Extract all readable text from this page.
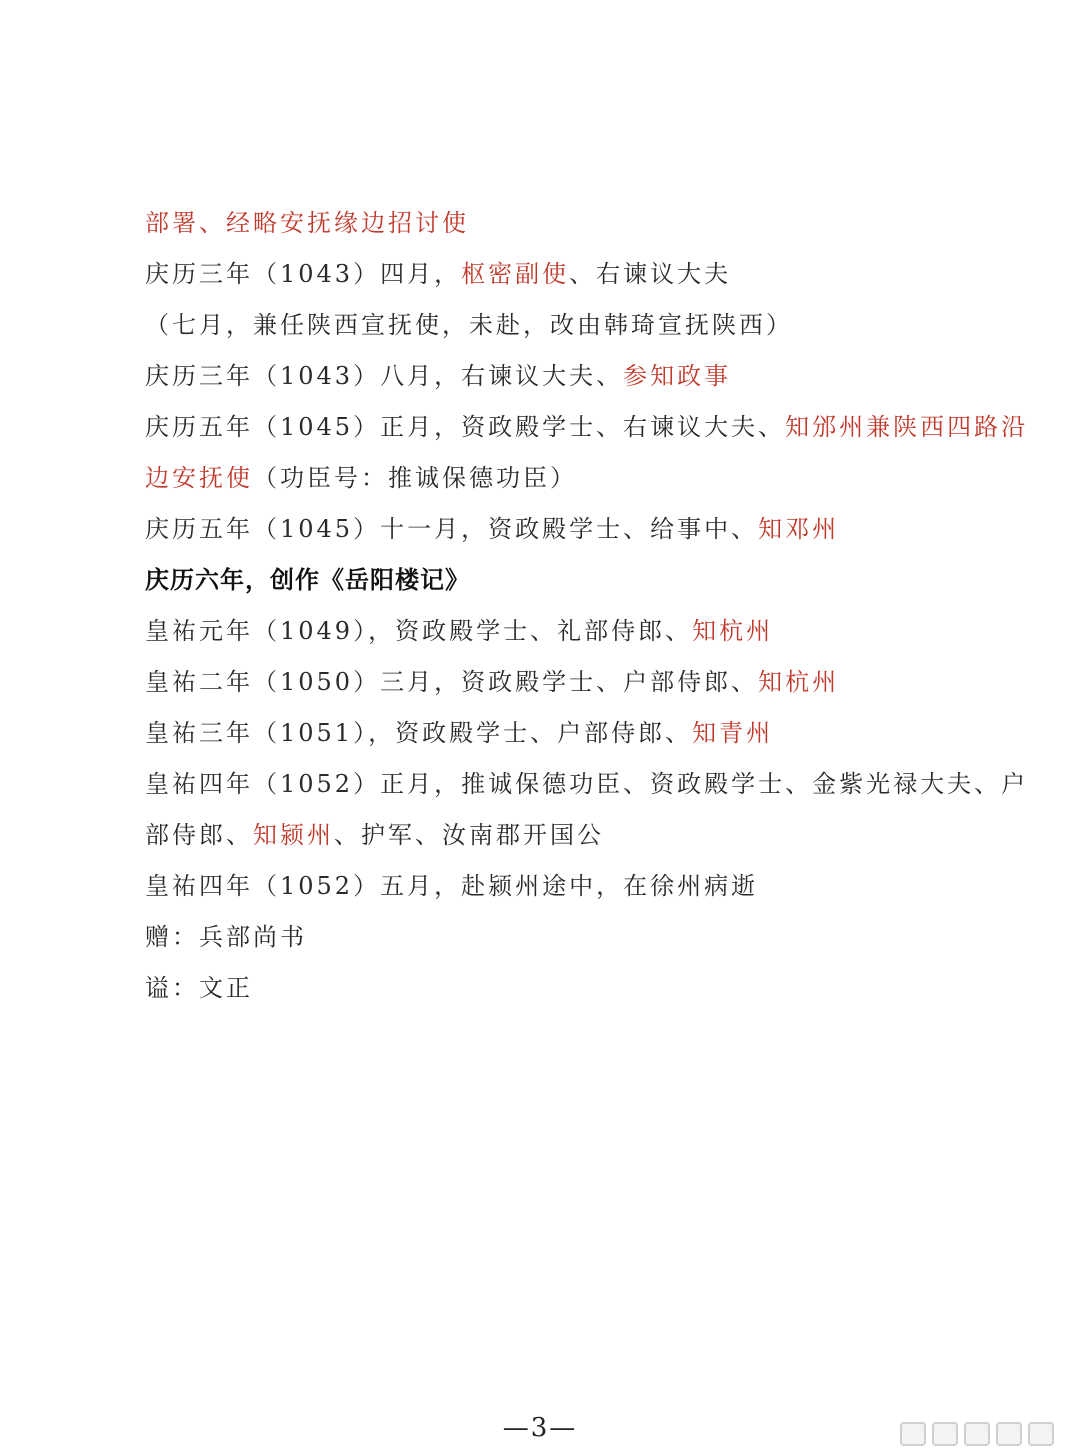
部署、经略安抚缘边招讨使
庆历三年（1043）四月，枢密副使、右谏议大夫
（七月，兼任陕西宣抚使，未赴，改由韩琦宣抚陕西）
庆历三年（1043）八月，右谏议大夫、参知政事
庆历五年（1045）正月，资政殿学士、右谏议大夫、知邠州兼陕西四路沿
边安抚使（功臣号：推诚保德功臣）
庆历五年（1045）十一月，资政殿学士、给事中、知邓州
庆历六年，创作《岳阳楼记》
皇祐元年（1049），资政殿学士、礼部侍郎、知杭州
皇祐二年（1050）三月，资政殿学士、户部侍郎、知杭州
皇祐三年（1051），资政殿学士、户部侍郎、知青州
皇祐四年（1052）正月，推诚保德功臣、资政殿学士、金紫光禄大夫、户
部侍郎、知颍州、护军、汝南郡开国公
皇祐四年（1052）五月，赴颍州途中，在徐州病逝
赠：兵部尚书
谥：文正
—3—
